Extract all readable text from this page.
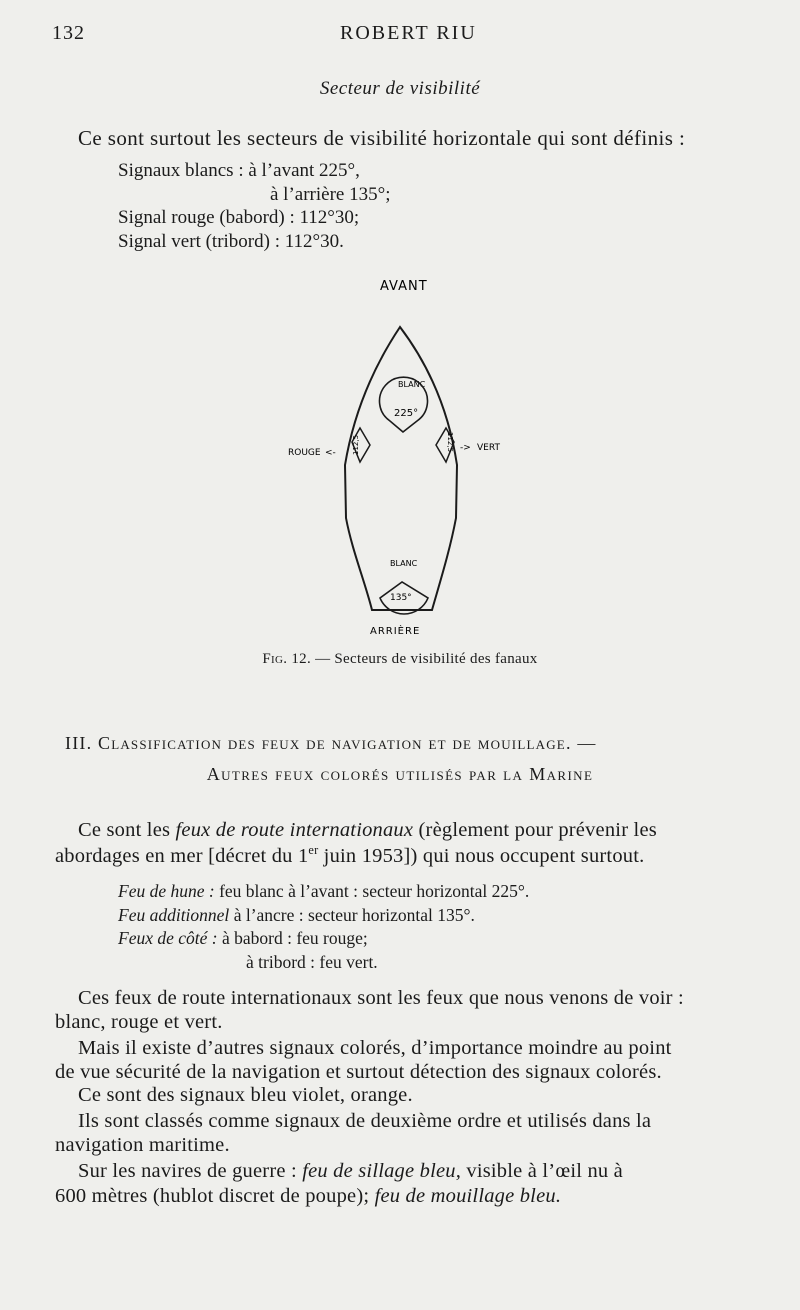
132	ROBERT RIU
Secteur de visibilité
Ce sont surtout les secteurs de visibilité horizontale qui sont définis :
Signaux blancs : à l’avant 225°,
à l’arrière 135°;
Signal rouge (babord) : 112°30;
Signal vert (tribord) : 112°30.
AVANT
BLANC
225°
112,5	112,5
ROUGE <-	-> VERT
BLANC
135°
ARRIÈRE
Fig. 12. — Secteurs de visibilité des fanaux
III. Classification des feux de navigation et de mouillage. —
Autres feux colorés utilisés par la Marine
Ce sont les feux de route internationaux (règlement pour prévenir les
abordages en mer [décret du 1er juin 1953]) qui nous occupent surtout.
Feu de hune : feu blanc à l’avant : secteur horizontal 225°.
Feu additionnel à l’ancre : secteur horizontal 135°.
Feux de côté : à babord : feu rouge;
à tribord : feu vert.
Ces feux de route internationaux sont les feux que nous venons de voir :
blanc, rouge et vert.
Mais il existe d’autres signaux colorés, d’importance moindre au point
de vue sécurité de la navigation et surtout détection des signaux colorés.
Ce sont des signaux bleu violet, orange.
Ils sont classés comme signaux de deuxième ordre et utilisés dans la
navigation maritime.
Sur les navires de guerre : feu de sillage bleu, visible à l’œil nu à
600 mètres (hublot discret de poupe); feu de mouillage bleu.
